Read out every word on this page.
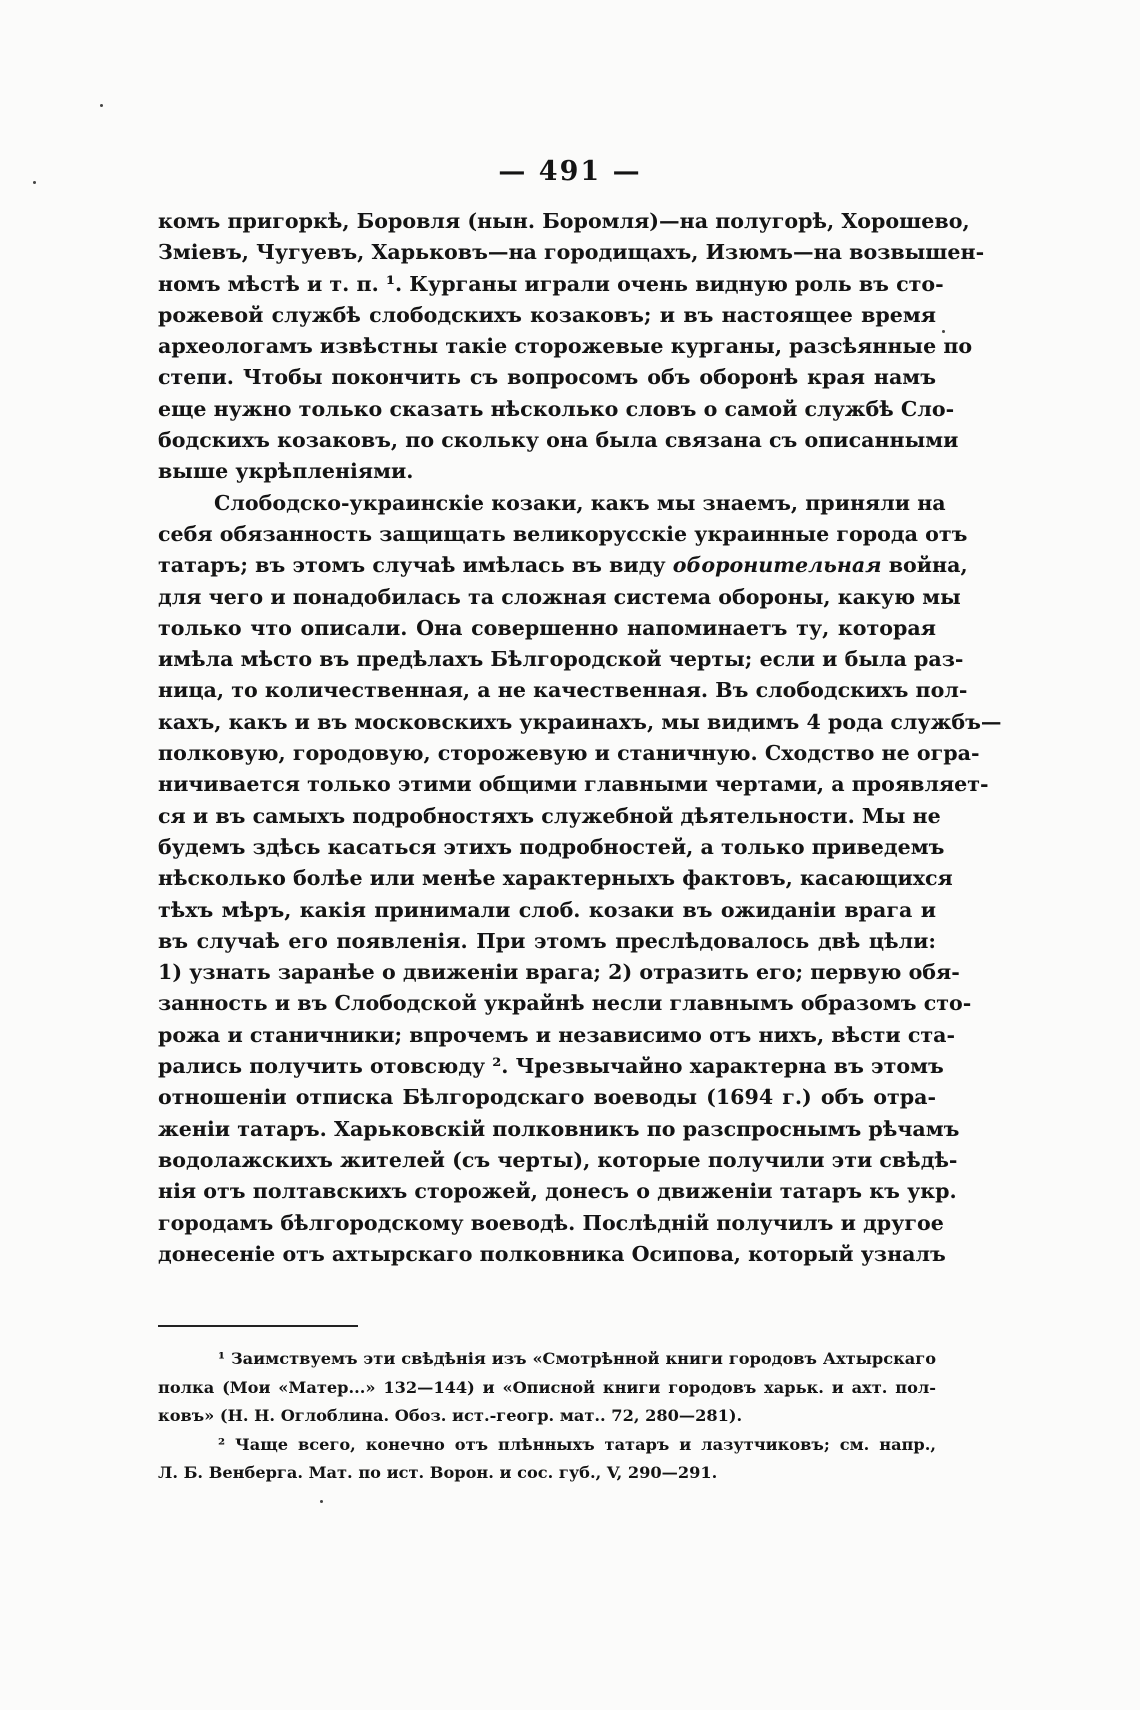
— 491 —
комъ пригоркѣ, Боровля (нын. Боромля)—на полугорѣ, Хорошево,
Зміевъ, Чугуевъ, Харьковъ—на городищахъ, Изюмъ—на возвышен-
номъ мѣстѣ и т. п. ¹. Курганы играли очень видную роль въ сто-
рожевой службѣ слободскихъ козаковъ; и въ настоящее время
археологамъ извѣстны такіе сторожевые курганы, разсѣянные по
степи. Чтобы покончить съ вопросомъ объ оборонѣ края намъ
еще нужно только сказать нѣсколько словъ о самой службѣ Сло-
бодскихъ козаковъ, по скольку она была связана съ описанными
выше укрѣпленіями.
Слободско-украинскіе козаки, какъ мы знаемъ, приняли на
себя обязанность защищать великорусскіе украинные города отъ
татаръ; въ этомъ случаѣ имѣлась въ виду оборонительная война,
для чего и понадобилась та сложная система обороны, какую мы
только что описали. Она совершенно напоминаетъ ту, которая
имѣла мѣсто въ предѣлахъ Бѣлгородской черты; если и была раз-
ница, то количественная, а не качественная. Въ слободскихъ пол-
кахъ, какъ и въ московскихъ украинахъ, мы видимъ 4 рода службъ—
полковую, городовую, сторожевую и станичную. Сходство не огра-
ничивается только этими общими главными чертами, а проявляет-
ся и въ самыхъ подробностяхъ служебной дѣятельности. Мы не
будемъ здѣсь касаться этихъ подробностей, а только приведемъ
нѣсколько болѣе или менѣе характерныхъ фактовъ, касающихся
тѣхъ мѣръ, какія принимали слоб. козаки въ ожиданіи врага и
въ случаѣ его появленія. При этомъ преслѣдовалось двѣ цѣли:
1) узнать заранѣе о движеніи врага; 2) отразить его; первую обя-
занность и въ Слободской украйнѣ несли главнымъ образомъ сто-
рожа и станичники; впрочемъ и независимо отъ нихъ, вѣсти ста-
рались получить отовсюду ². Чрезвычайно характерна въ этомъ
отношеніи отписка Бѣлгородскаго воеводы (1694 г.) объ отра-
женіи татаръ. Харьковскій полковникъ по разспроснымъ рѣчамъ
водолажскихъ жителей (съ черты), которые получили эти свѣдѣ-
нія отъ полтавскихъ сторожей, донесъ о движеніи татаръ къ укр.
городамъ бѣлгородскому воеводѣ. Послѣдній получилъ и другое
донесеніе отъ ахтырскаго полковника Осипова, который узналъ
¹ Заимствуемъ эти свѣдѣнія изъ «Смотрѣнной книги городовъ Ахтырскаго
полка (Мои «Матер...» 132—144) и «Описной книги городовъ харьк. и ахт. пол-
ковъ» (Н. Н. Оглоблина. Обоз. ист.-геогр. мат.. 72, 280—281).
² Чаще всего, конечно отъ плѣнныхъ татаръ и лазутчиковъ; см. напр.,
Л. Б. Венберга. Мат. по ист. Ворон. и сос. губ., V, 290—291.
